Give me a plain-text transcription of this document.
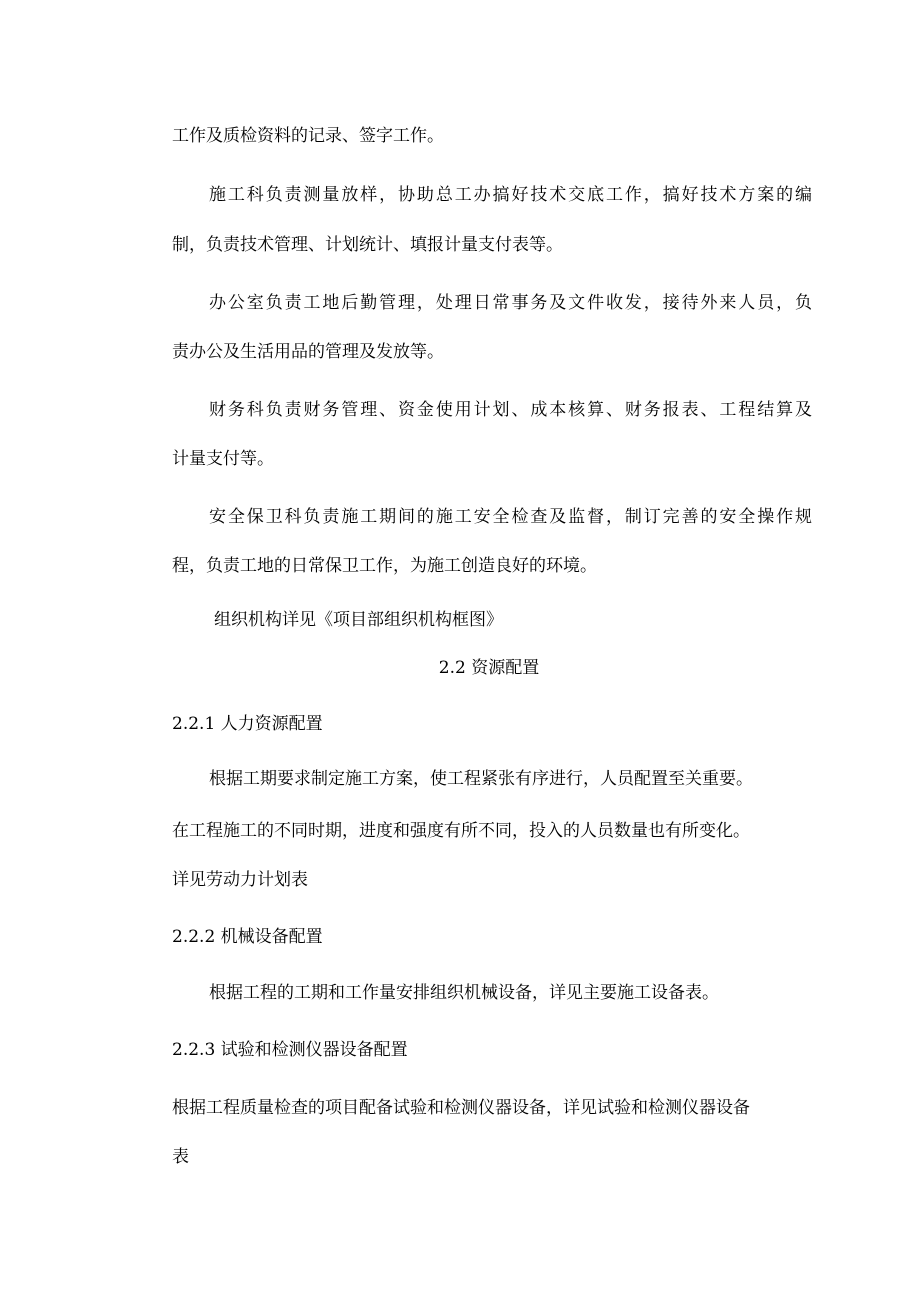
工作及质检资料的记录、签字工作。

施工科负责测量放样，协助总工办搞好技术交底工作，搞好技术方案的编

制，负责技术管理、计划统计、填报计量支付表等。

办公室负责工地后勤管理，处理日常事务及文件收发，接待外来人员，负

责办公及生活用品的管理及发放等。

财务科负责财务管理、资金使用计划、成本核算、财务报表、工程结算及

计量支付等。

安全保卫科负责施工期间的施工安全检查及监督，制订完善的安全操作规

程，负责工地的日常保卫工作，为施工创造良好的环境。

组织机构详见《项目部组织机构框图》

2.2 资源配置

2.2.1 人力资源配置

根据工期要求制定施工方案，使工程紧张有序进行，人员配置至关重要。

在工程施工的不同时期，进度和强度有所不同，投入的人员数量也有所变化。

详见劳动力计划表

2.2.2 机械设备配置

根据工程的工期和工作量安排组织机械设备，详见主要施工设备表。

2.2.3 试验和检测仪器设备配置

根据工程质量检查的项目配备试验和检测仪器设备，详见试验和检测仪器设备

表
